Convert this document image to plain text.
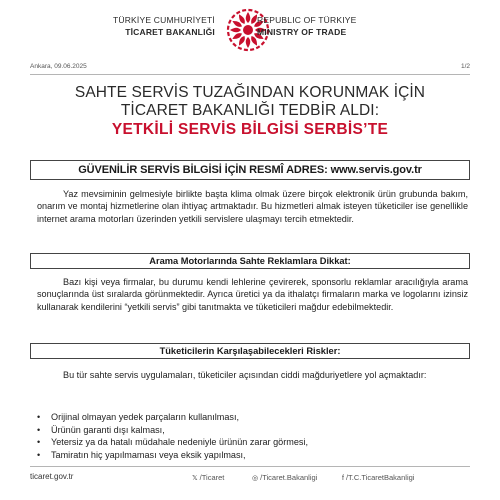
TÜRKİYE CUMHURİYETİ
TİCARET BAKANLIĞI
REPUBLIC OF TÜRKIYE
MINISTRY OF TRADE
Ankara, 09.06.2025	1/2
SAHTE SERVİS TUZAĞINDAN KORUNMAK İÇİN
TİCARET BAKANLIĞI TEDBİR ALDI:
YETKİLİ SERVİS BİLGİSİ SERBİS’TE
GÜVENİLİR SERVİS BİLGİSİ İÇİN RESMÎ ADRES: www.servis.gov.tr
Yaz mevsiminin gelmesiyle birlikte başta klima olmak üzere birçok elektronik ürün grubunda bakım, onarım ve montaj hizmetlerine olan ihtiyaç artmaktadır. Bu hizmetleri almak isteyen tüketiciler ise genellikle internet arama motorları üzerinden yetkili servislere ulaşmayı tercih etmektedir.
Arama Motorlarında Sahte Reklamlara Dikkat:
Bazı kişi veya firmalar, bu durumu kendi lehlerine çevirerek, sponsorlu reklamlar aracılığıyla arama sonuçlarında üst sıralarda görünmektedir. Ayrıca üretici ya da ithalatçı firmaların marka ve logolarını izinsiz kullanarak kendilerini “yetkili servis” gibi tanıtmakta ve tüketicileri mağdur edebilmektedir.
Tüketicilerin Karşılaşabilecekleri Riskler:
Bu tür sahte servis uygulamaları, tüketiciler açısından ciddi mağduriyetlere yol açmaktadır:
• Orijinal olmayan yedek parçaların kullanılması,
• Ürünün garanti dışı kalması,
• Yetersiz ya da hatalı müdahale nedeniyle ürünün zarar görmesi,
• Tamiratın hiç yapılmaması veya eksik yapılması,
ticaret.gov.tr	𝕏 /Ticaret	◎ /Ticaret.Bakanligi	f /T.C.TicaretBakanligi
